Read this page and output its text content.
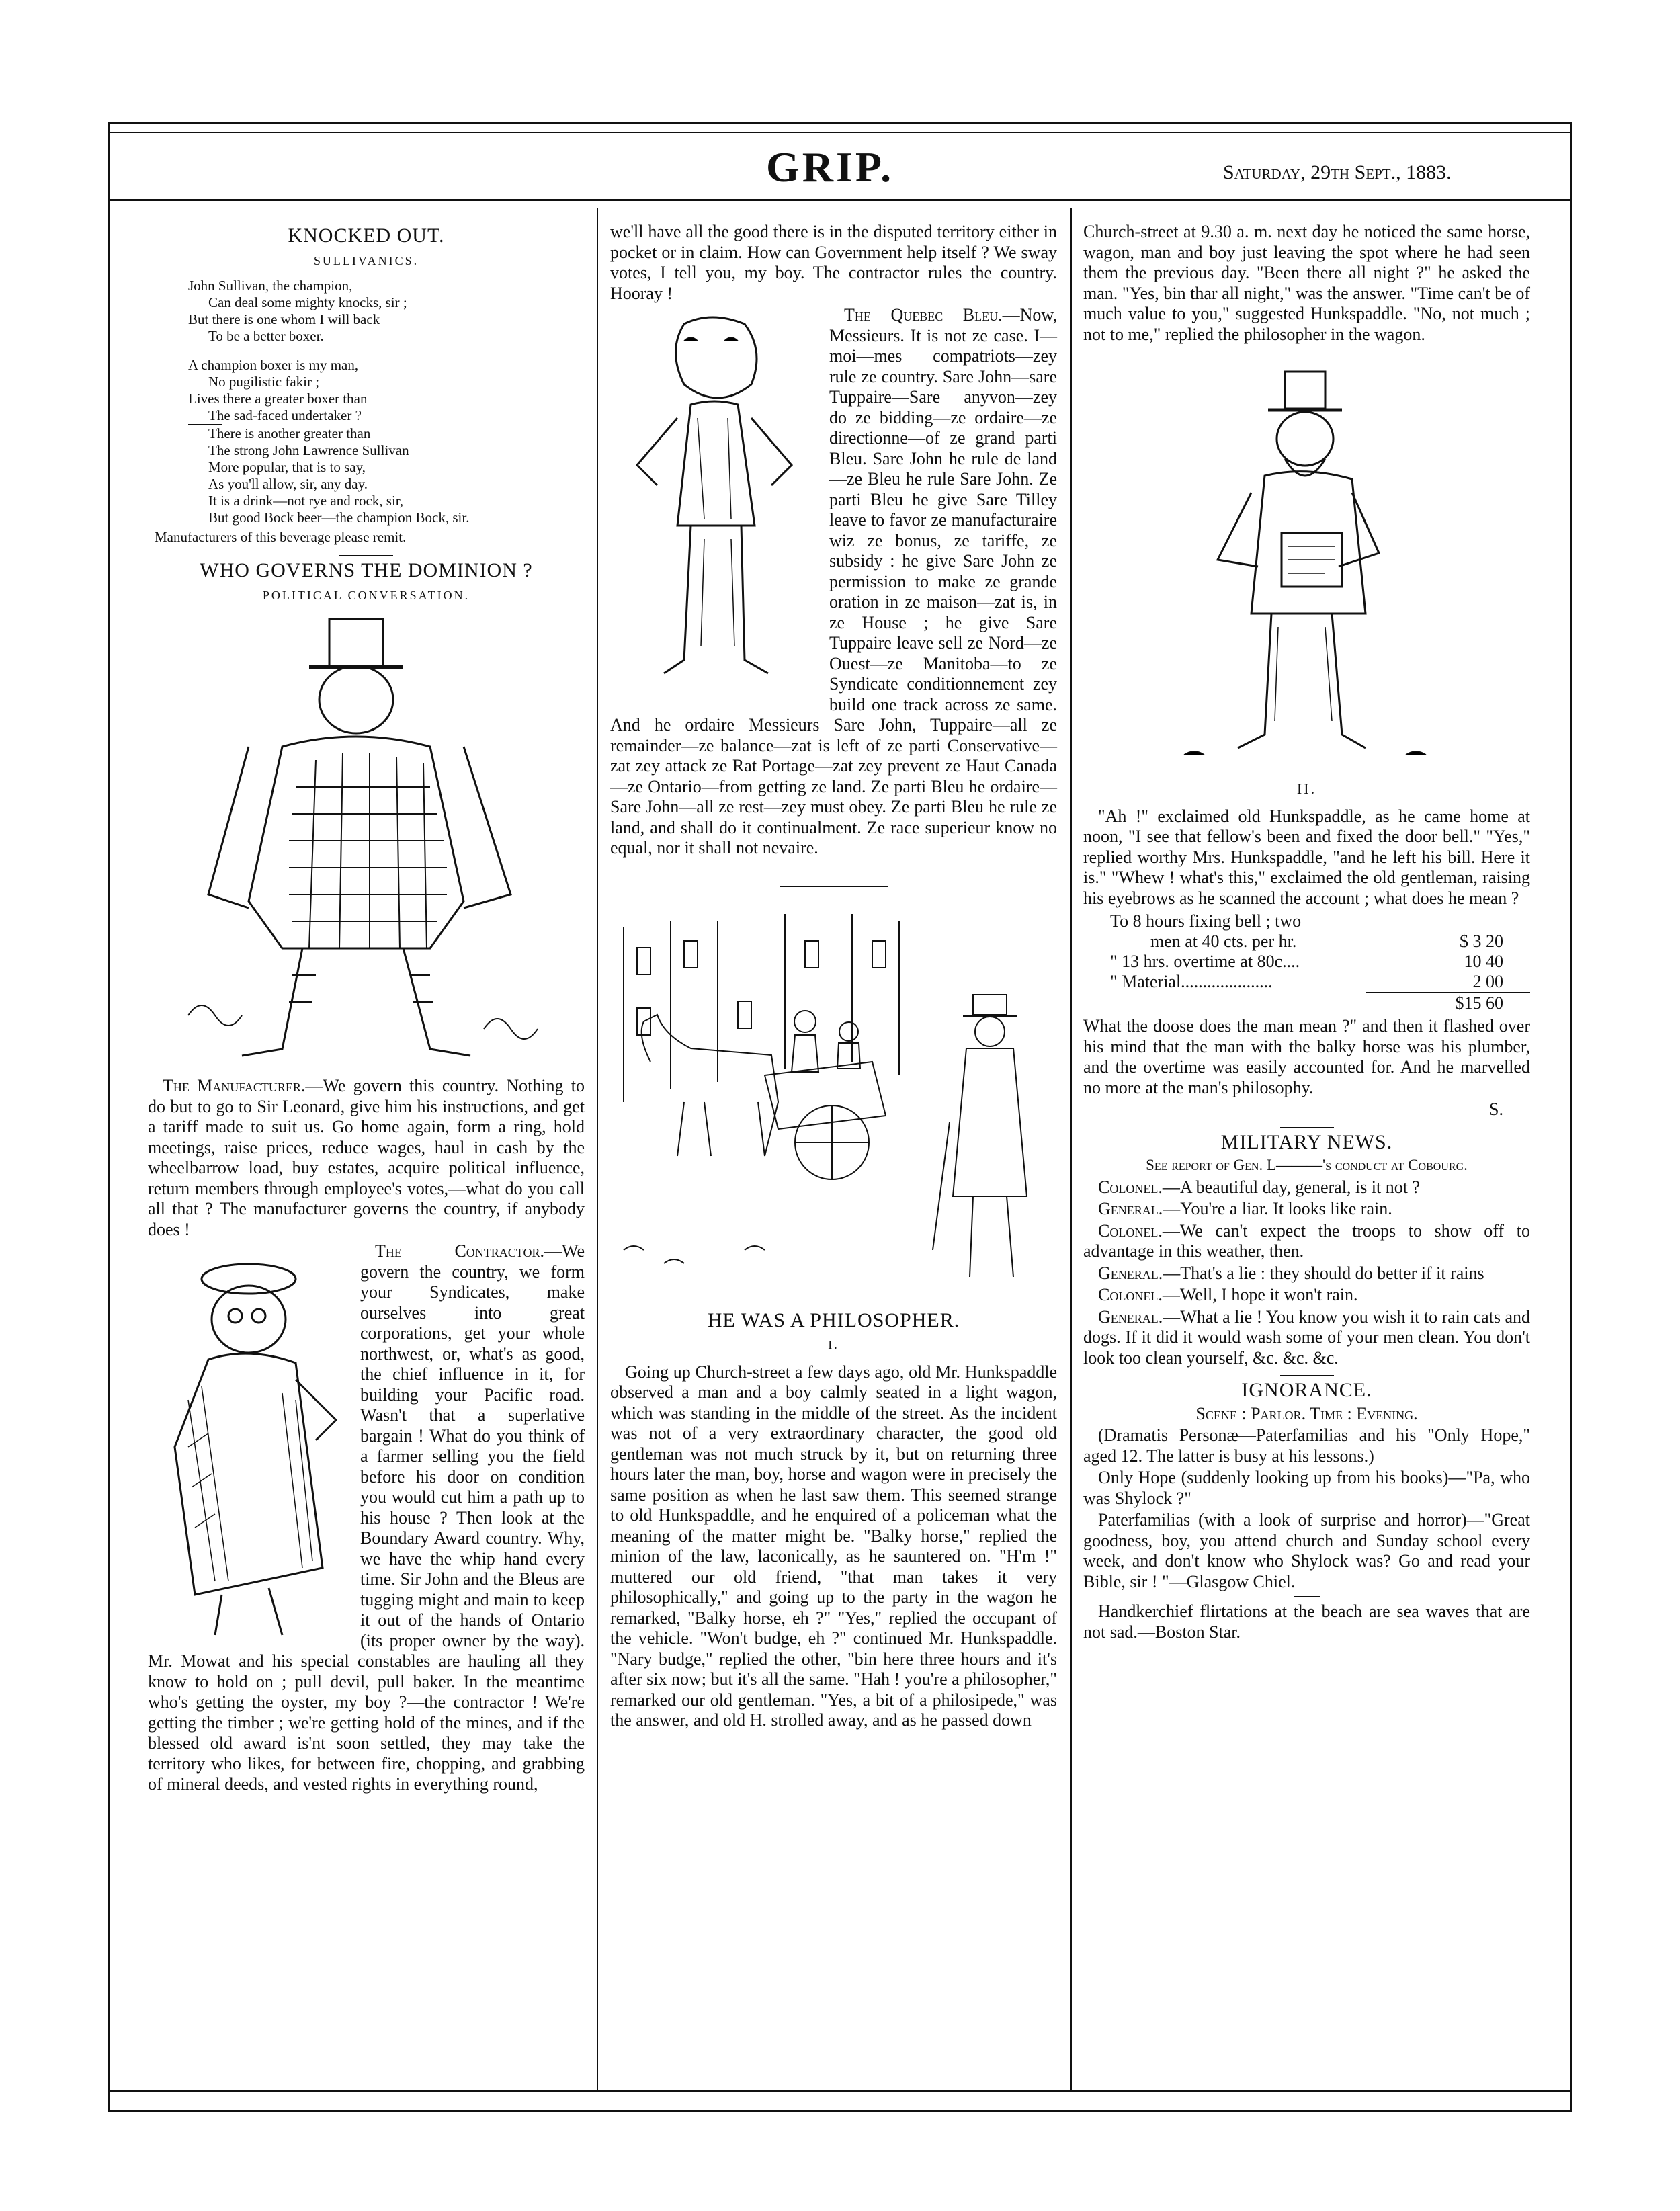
GRIP.	Saturday, 29th Sept., 1883.
KNOCKED OUT.
SULLIVANICS.
John Sullivan, the champion,
Can deal some mighty knocks, sir ;
But there is one whom I will back
To be a better boxer.
A champion boxer is my man,
No pugilistic fakir ;
Lives there a greater boxer than
The sad-faced undertaker ?
There is another greater than
The strong John Lawrence Sullivan
More popular, that is to say,
As you'll allow, sir, any day.
It is a drink—not rye and rock, sir,
But good Bock beer—the champion Bock, sir.
Manufacturers of this beverage please remit.
WHO GOVERNS THE DOMINION ?
POLITICAL CONVERSATION.

The Manufacturer.—We govern this country. Nothing to do but to go to Sir Leonard, give him his instructions, and get a tariff made to suit us. Go home again, form a ring, hold meetings, raise prices, reduce wages, haul in cash by the wheelbarrow load, buy estates, acquire political influence, return members through employee's votes,—what do you call all that ? The manufacturer governs the country, if anybody does !

The Contractor.—We govern the country, we form your Syndicates, make ourselves into great corporations, get your whole northwest, or, what's as good, the chief influence in it, for building your Pacific road. Wasn't that a superlative bargain ! What do you think of a farmer selling you the field before his door on condition you would cut him a path up to his house ? Then look at the Boundary Award country. Why, we have the whip hand every time. Sir John and the Bleus are tugging might and main to keep it out of the hands of Ontario (its proper owner by the way). Mr. Mowat and his special constables are hauling all they know to hold on ; pull devil, pull baker. In the meantime who's getting the oyster, my boy ?—the contractor ! We're getting the timber ; we're getting hold of the mines, and if the blessed old award is'nt soon settled, they may take the territory who likes, for between fire, chopping, and grabbing of mineral deeds, and vested rights in everything round,

we'll have all the good there is in the disputed territory either in pocket or in claim. How can Government help itself ? We sway votes, I tell you, my boy. The contractor rules the country. Hooray !

The Quebec Bleu.—Now, Messieurs. It is not ze case. I—moi—mes compatriots—zey rule ze country. Sare John—sare Tuppaire—Sare anyvon—zey do ze bidding—ze ordaire—ze directionne—of ze grand parti Bleu. Sare John he rule de land—ze Bleu he rule Sare John. Ze parti Bleu he give Sare Tilley leave to favor ze manufacturaire wiz ze bonus, ze tariffe, ze subsidy : he give Sare John ze permission to make ze grande oration in ze maison—zat is, in ze House ; he give Sare Tuppaire leave sell ze Nord—ze Ouest—ze Manitoba—to ze Syndicate conditionnement zey build one track across ze same. And he ordaire Messieurs Sare John, Tuppaire—all ze remainder—ze balance—zat is left of ze parti Conservative—zat zey attack ze Rat Portage—zat zey prevent ze Haut Canada—ze Ontario—from getting ze land. Ze parti Bleu he ordaire—Sare John—all ze rest—zey must obey. Ze parti Bleu he rule ze land, and shall do it continualment. Ze race superieur know no equal, nor it shall not nevaire.

HE WAS A PHILOSOPHER.
I.

Going up Church-street a few days ago, old Mr. Hunkspaddle observed a man and a boy calmly seated in a light wagon, which was standing in the middle of the street. As the incident was not of a very extraordinary character, the good old gentleman was not much struck by it, but on returning three hours later the man, boy, horse and wagon were in precisely the same position as when he last saw them. This seemed strange to old Hunkspaddle, and he enquired of a policeman what the meaning of the matter might be. "Balky horse," replied the minion of the law, laconically, as he sauntered on. "H'm !" muttered our old friend, "that man takes it very philosophically," and going up to the party in the wagon he remarked, "Balky horse, eh ?" "Yes," replied the occupant of the vehicle. "Won't budge, eh ?" continued Mr. Hunkspaddle. "Nary budge," replied the other, "bin here three hours and it's after six now; but it's all the same. "Hah ! you're a philosopher," remarked our old gentleman. "Yes, a bit of a philosipede," was the answer, and old H. strolled away, and as he passed down

Church-street at 9.30 a. m. next day he noticed the same horse, wagon, man and boy just leaving the spot where he had seen them the previous day. "Been there all night ?" he asked the man. "Yes, bin thar all night," was the answer. "Time can't be of much value to you," suggested Hunkspaddle. "No, not much ; not to me," replied the philosopher in the wagon.

II.

"Ah !" exclaimed old Hunkspaddle, as he came home at noon, "I see that fellow's been and fixed the door bell." "Yes," replied worthy Mrs. Hunkspaddle, "and he left his bill. Here it is." "Whew ! what's this," exclaimed the old gentleman, raising his eyebrows as he scanned the account ; what does he mean ?

To 8 hours fixing bell ; two
men at 40 cts. per hr.	$ 3 20
" 13 hrs. overtime at 80c....	10 40
" Material.....................	2 00
$15 60

What the doose does the man mean ?" and then it flashed over his mind that the man with the balky horse was his plumber, and the overtime was easily accounted for. And he marvelled no more at the man's philosophy.

S.
MILITARY NEWS.

See report of Gen. L———'s conduct at Cobourg.

Colonel.—A beautiful day, general, is it not ?

General.—You're a liar. It looks like rain.

Colonel.—We can't expect the troops to show off to advantage in this weather, then.

General.—That's a lie : they should do better if it rains

Colonel.—Well, I hope it won't rain.

General.—What a lie ! You know you wish it to rain cats and dogs. If it did it would wash some of your men clean. You don't look too clean yourself, &c. &c. &c.

IGNORANCE.

Scene : Parlor. Time : Evening.

(Dramatis Personæ—Paterfamilias and his "Only Hope," aged 12. The latter is busy at his lessons.)

Only Hope (suddenly looking up from his books)—"Pa, who was Shylock ?"

Paterfamilias (with a look of surprise and horror)—"Great goodness, boy, you attend church and Sunday school every week, and don't know who Shylock was? Go and read your Bible, sir ! "—Glasgow Chiel.

Handkerchief flirtations at the beach are sea waves that are not sad.—Boston Star.
